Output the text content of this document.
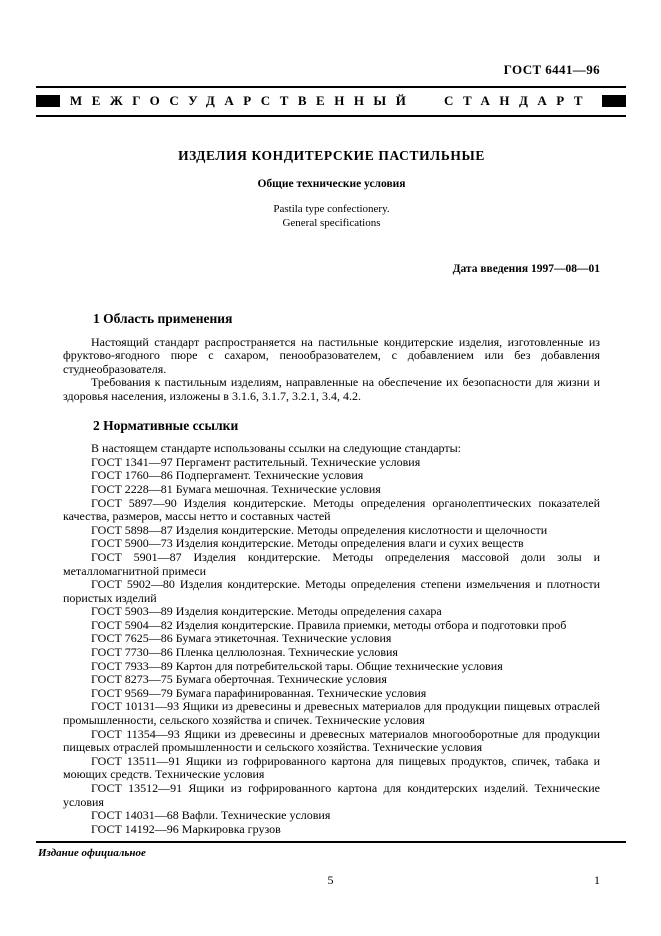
ГОСТ 6441—96
МЕЖГОСУДАРСТВЕННЫЙ СТАНДАРТ
ИЗДЕЛИЯ КОНДИТЕРСКИЕ ПАСТИЛЬНЫЕ
Общие технические условия
Pastila type confectionery.
General specifications
Дата введения 1997—08—01
1 Область применения

Настоящий стандарт распространяется на пастильные кондитерские изделия, изготовленные из фруктово-ягодного пюре с сахаром, пенообразователем, с добавлением или без добавления студнеобразователя.

Требования к пастильным изделиям, направленные на обеспечение их безопасности для жизни и здоровья населения, изложены в 3.1.6, 3.1.7, 3.2.1, 3.4, 4.2.

2 Нормативные ссылки

В настоящем стандарте использованы ссылки на следующие стандарты:

ГОСТ 1341—97 Пергамент растительный. Технические условия

ГОСТ 1760—86 Подпергамент. Технические условия

ГОСТ 2228—81 Бумага мешочная. Технические условия

ГОСТ 5897—90 Изделия кондитерские. Методы определения органолептических показателей качества, размеров, массы нетто и составных частей

ГОСТ 5898—87 Изделия кондитерские. Методы определения кислотности и щелочности

ГОСТ 5900—73 Изделия кондитерские. Методы определения влаги и сухих веществ

ГОСТ 5901—87 Изделия кондитерские. Методы определения массовой доли золы и металломагнитной примеси

ГОСТ 5902—80 Изделия кондитерские. Методы определения степени измельчения и плотности пористых изделий

ГОСТ 5903—89 Изделия кондитерские. Методы определения сахара

ГОСТ 5904—82 Изделия кондитерские. Правила приемки, методы отбора и подготовки проб

ГОСТ 7625—86 Бумага этикеточная. Технические условия

ГОСТ 7730—86 Пленка целлюлозная. Технические условия

ГОСТ 7933—89 Картон для потребительской тары. Общие технические условия

ГОСТ 8273—75 Бумага оберточная. Технические условия

ГОСТ 9569—79 Бумага парафинированная. Технические условия

ГОСТ 10131—93 Ящики из древесины и древесных материалов для продукции пищевых отраслей промышленности, сельского хозяйства и спичек. Технические условия

ГОСТ 11354—93 Ящики из древесины и древесных материалов многооборотные для продукции пищевых отраслей промышленности и сельского хозяйства. Технические условия

ГОСТ 13511—91 Ящики из гофрированного картона для пищевых продуктов, спичек, табака и моющих средств. Технические условия

ГОСТ 13512—91 Ящики из гофрированного картона для кондитерских изделий. Технические условия

ГОСТ 14031—68 Вафли. Технические условия

ГОСТ 14192—96 Маркировка грузов

Издание официальное
5	1
